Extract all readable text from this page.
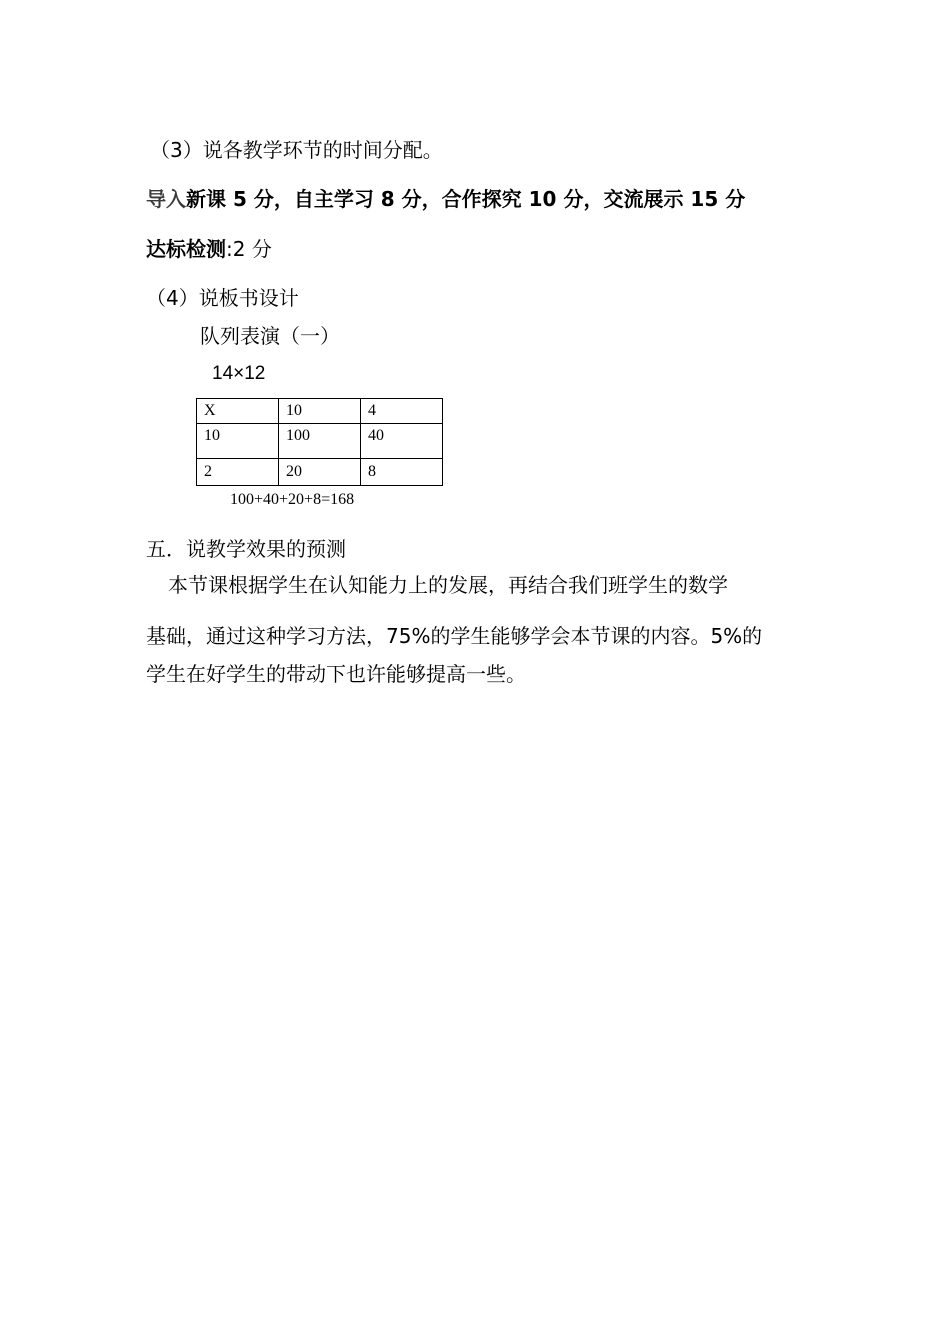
（3）说各教学环节的时间分配。
导入新课 5 分，自主学习 8 分，合作探究 10 分，交流展示 15 分
达标检测:2 分
（4）说板书设计
队列表演（一）
14×12
X	10	4
10	100	40
2	20	8
100+40+20+8=168
五．说教学效果的预测
本节课根据学生在认知能力上的发展，再结合我们班学生的数学
基础，通过这种学习方法，75%的学生能够学会本节课的内容。5%的
学生在好学生的带动下也许能够提高一些。
